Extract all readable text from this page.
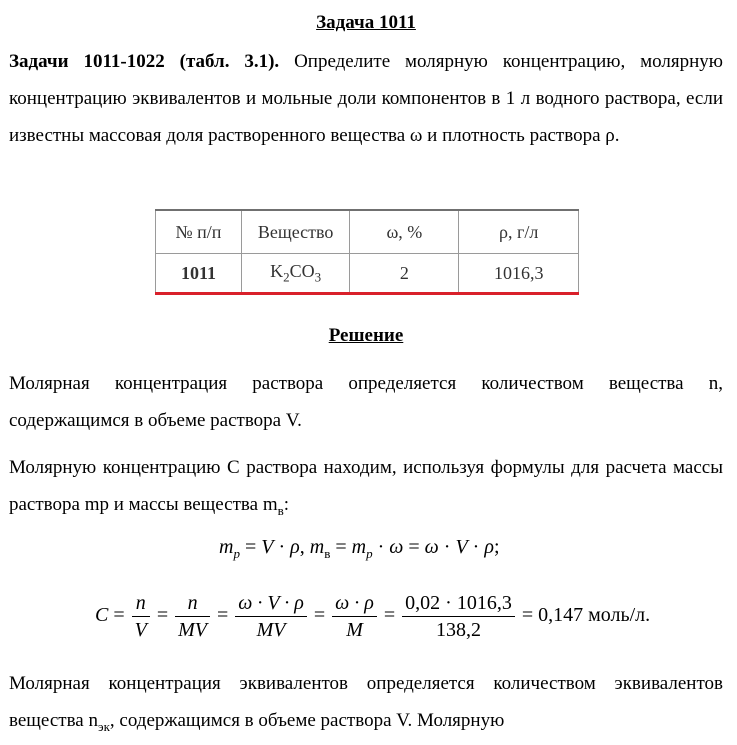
Задача 1011
Задачи 1011-1022 (табл. 3.1). Определите молярную концентрацию, молярную концентрацию эквивалентов и мольные доли компонентов в 1 л водного раствора, если известны массовая доля растворенного вещества ω и плотность раствора ρ.
№ п/п	Вещество	ω, %	ρ, г/л
1011	$K_2CO_3$	2	1016,3
Решение
Молярная концентрация раствора определяется количеством вещества n, содержащимся в объеме раствора V.
Молярную концентрацию С раствора находим, используя формулы для расчета массы раствора mр и массы вещества $m_в$:
$m_p = V \cdot \rho$, $m_в = m_p \cdot \omega = \omega \cdot V \cdot \rho$;
$C = \frac{n}{V} = \frac{n}{MV} = \frac{\omega \cdot V \cdot \rho}{MV} = \frac{\omega \cdot \rho}{M} = \frac{0,02 \cdot 1016,3}{138,2} = 0,147$ моль/л.
Молярная концентрация эквивалентов определяется количеством эквивалентов вещества $n_{эк}$, содержащимся в объеме раствора V. Молярную
